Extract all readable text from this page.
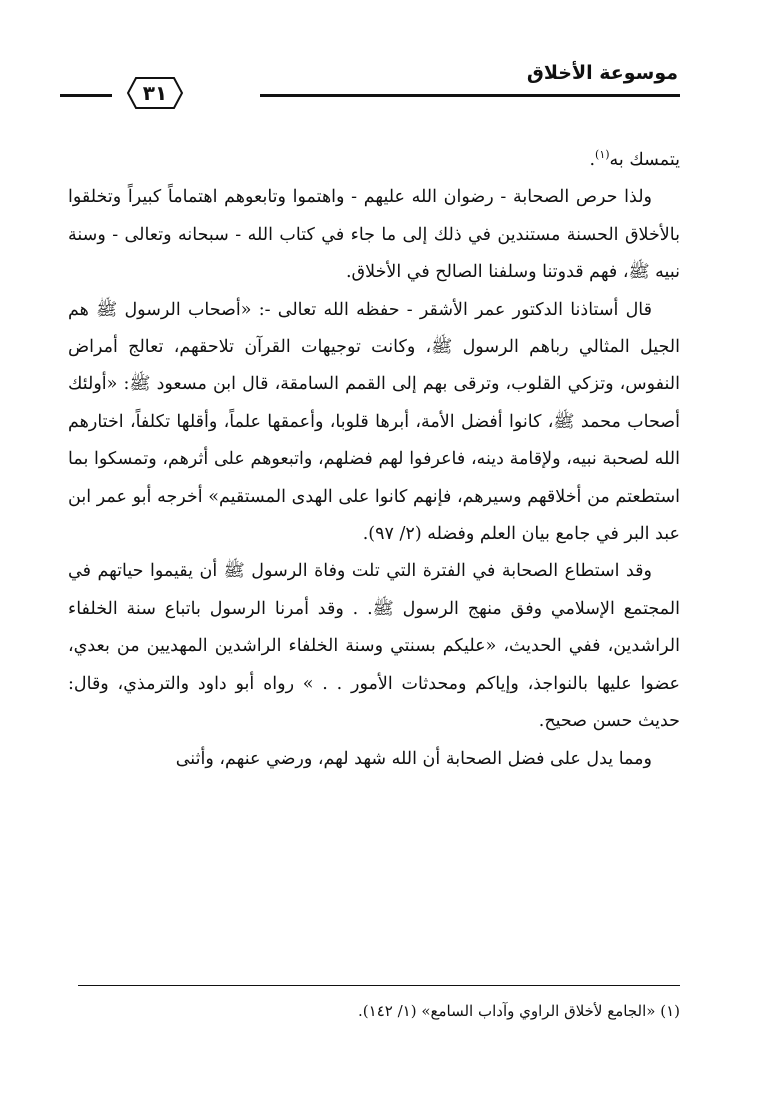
موسوعة الأخلاق
٣١

يتمسك به$^{(١)}$.

ولذا حرص الصحابة - رضوان الله عليهم - واهتموا وتابعوهم اهتماماً كبيراً وتخلقوا بالأخلاق الحسنة مستندين في ذلك إلى ما جاء في كتاب الله - سبحانه وتعالى - وسنة نبيه ﷺ، فهم قدوتنا وسلفنا الصالح في الأخلاق.

قال أستاذنا الدكتور عمر الأشقر - حفظه الله تعالى -: «أصحاب الرسول ﷺ هم الجيل المثالي رباهم الرسول ﷺ، وكانت توجيهات القرآن تلاحقهم، تعالج أمراض النفوس، وتزكي القلوب، وترقى بهم إلى القمم السامقة، قال ابن مسعود ﷺ: «أولئك أصحاب محمد ﷺ، كانوا أفضل الأمة، أبرها قلوبا، وأعمقها علماً، وأقلها تكلفاً، اختارهم الله لصحبة نبيه، ولإقامة دينه، فاعرفوا لهم فضلهم، واتبعوهم على أثرهم، وتمسكوا بما استطعتم من أخلاقهم وسيرهم، فإنهم كانوا على الهدى المستقيم» أخرجه أبو عمر ابن عبد البر في جامع بيان العلم وفضله (٢/ ٩٧).

وقد استطاع الصحابة في الفترة التي تلت وفاة الرسول ﷺ أن يقيموا حياتهم في المجتمع الإسلامي وفق منهج الرسول ﷺ. . وقد أمرنا الرسول باتباع سنة الخلفاء الراشدين، ففي الحديث، «عليكم بسنتي وسنة الخلفاء الراشدين المهديين من بعدي، عضوا عليها بالنواجذ، وإياكم ومحدثات الأمور . . » رواه أبو داود والترمذي، وقال: حديث حسن صحيح.

ومما يدل على فضل الصحابة أن الله شهد لهم، ورضي عنهم، وأثنى

(١) «الجامع لأخلاق الراوي وآداب السامع» (١/ ١٤٢).
